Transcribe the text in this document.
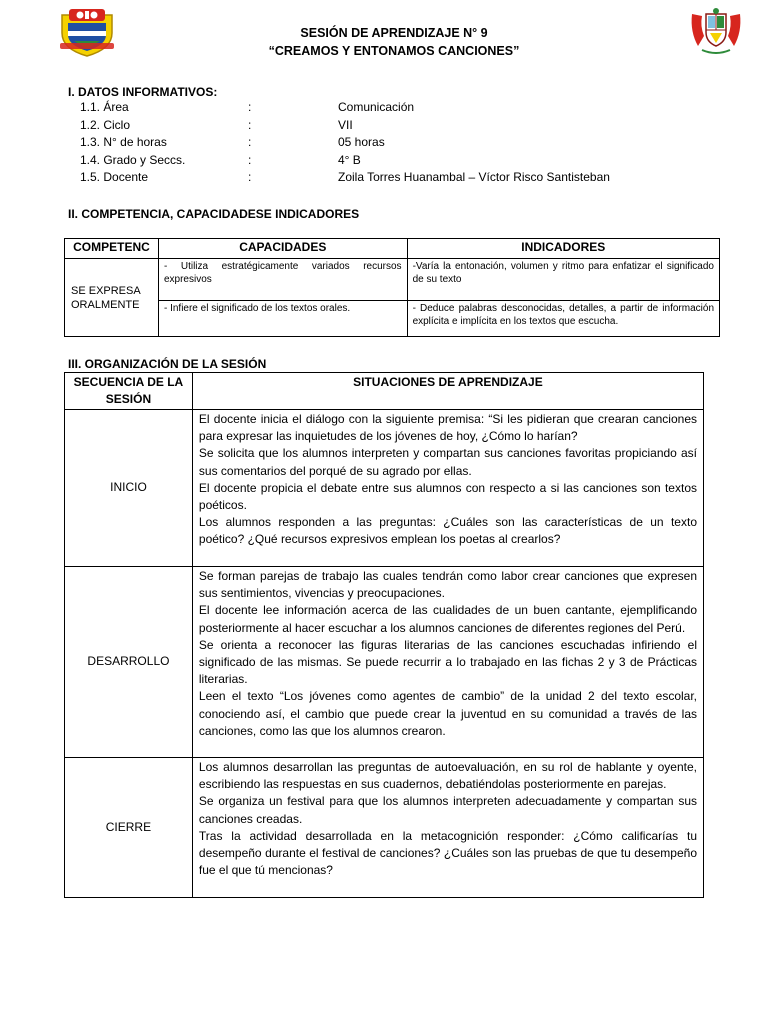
SESIÓN DE APRENDIZAJE N° 9
“CREAMOS Y ENTONAMOS CANCIONES”
I. DATOS INFORMATIVOS:
1.1. Área	:	Comunicación
1.2. Ciclo	:	VII
1.3. N° de horas	:	05 horas
1.4. Grado y Seccs.	:	4° B
1.5. Docente	:	Zoila Torres Huanambal – Víctor Risco Santisteban
II. COMPETENCIA, CAPACIDADESE INDICADORES
COMPETENC	CAPACIDADES	INDICADORES
SE EXPRESA ORALMENTE	- Utiliza estratégicamente variados recursos expresivos	-Varía la entonación, volumen y ritmo para enfatizar el significado de su texto
	- Infiere el significado de los textos orales.	- Deduce palabras desconocidas, detalles, a partir de información explícita e implícita en los textos que escucha.
III. ORGANIZACIÓN DE LA SESIÓN
SECUENCIA DE LA SESIÓN	SITUACIONES DE APRENDIZAJE
INICIO	El docente inicia el diálogo con la siguiente premisa: “Si les pidieran que crearan canciones para expresar las inquietudes de los jóvenes de hoy, ¿Cómo lo harían?

Se solicita que los alumnos interpreten y compartan sus canciones favoritas propiciando así sus comentarios del porqué de su agrado por ellas.

El docente propicia el debate entre sus alumnos con respecto a si las canciones son textos poéticos.

Los alumnos responden a las preguntas: ¿Cuáles son las características de un texto poético? ¿Qué recursos expresivos emplean los poetas al crearlos?

DESARROLLO	Se forman parejas de trabajo las cuales tendrán como labor crear canciones que expresen sus sentimientos, vivencias y preocupaciones.

El docente lee información acerca de las cualidades de un buen cantante, ejemplificando posteriormente al hacer escuchar a los alumnos canciones de diferentes regiones del Perú.

Se orienta a reconocer las figuras literarias de las canciones escuchadas infiriendo el significado de las mismas. Se puede recurrir a lo trabajado en las fichas 2 y 3 de Prácticas literarias.

Leen el texto “Los jóvenes como agentes de cambio” de la unidad 2 del texto escolar, conociendo así, el cambio que puede crear la juventud en su comunidad a través de las canciones, como las que los alumnos crearon.

CIERRE	Los alumnos desarrollan las preguntas de autoevaluación, en su rol de hablante y oyente, escribiendo las respuestas en sus cuadernos, debatiéndolas posteriormente en parejas.

Se organiza un festival para que los alumnos interpreten adecuadamente y compartan sus canciones creadas.

Tras la actividad desarrollada en la metacognición responder: ¿Cómo calificarías tu desempeño durante el festival de canciones? ¿Cuáles son las pruebas de que tu desempeño fue el que tú mencionas?
